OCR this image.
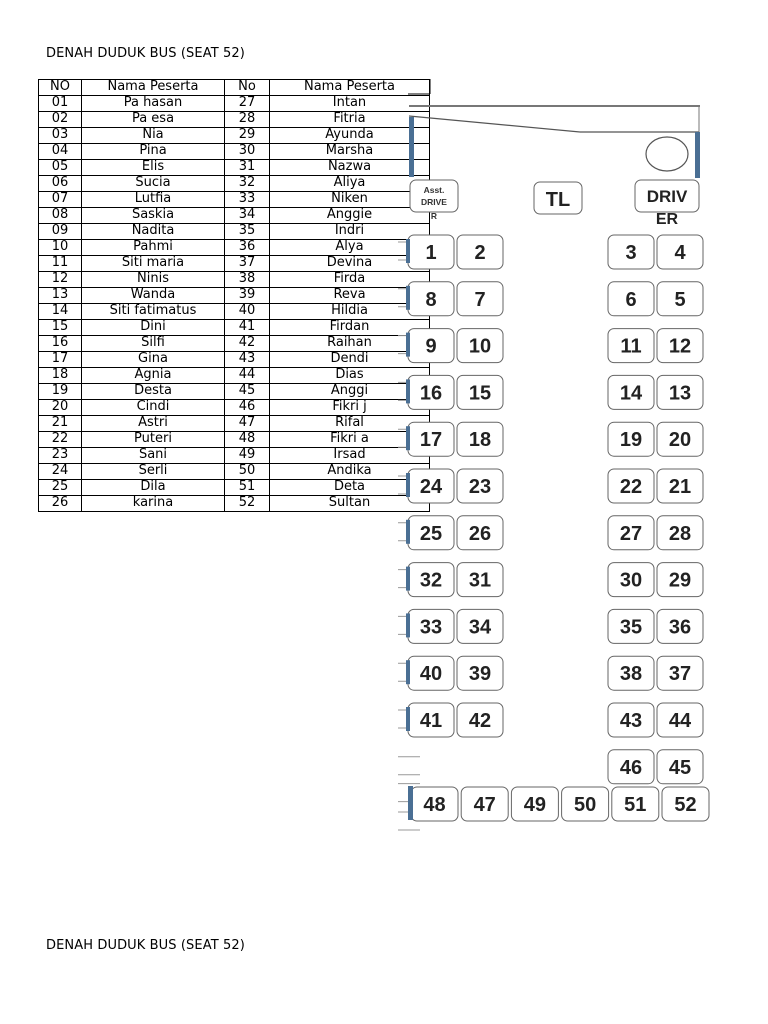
DENAH DUDUK BUS (SEAT 52)
NO	Nama Peserta	No	Nama Peserta
01	Pa hasan	27	Intan
02	Pa esa	28	Fitria
03	Nia	29	Ayunda
04	Pina	30	Marsha
05	Elis	31	Nazwa
06	Sucia	32	Aliya
07	Lutfia	33	Niken
08	Saskia	34	Anggie
09	Nadita	35	Indri
10	Pahmi	36	Alya
11	Siti maria	37	Devina
12	Ninis	38	Firda
13	Wanda	39	Reva
14	Siti fatimatus	40	Hildia
15	Dini	41	Firdan
16	Silfi	42	Raihan
17	Gina	43	Dendi
18	Agnia	44	Dias
19	Desta	45	Anggi
20	Cindi	46	Fikri j
21	Astri	47	Rifal
22	Puteri	48	Fikri a
23	Sani	49	Irsad
24	Serli	50	Andika
25	Dila	51	Deta
26	karina	52	Sultan
Asst.
DRIVE
R
TL	DRIV
ER
1 2	3 4
8 7	6 5
9 10	11 12
16 15	14 13
17 18	19 20
24 23	22 21
25 26	27 28
32 31	30 29
33 34	35 36
40 39	38 37
41 42	43 44
46 45
48 47 49 50 51 52
DENAH DUDUK BUS (SEAT 52)
